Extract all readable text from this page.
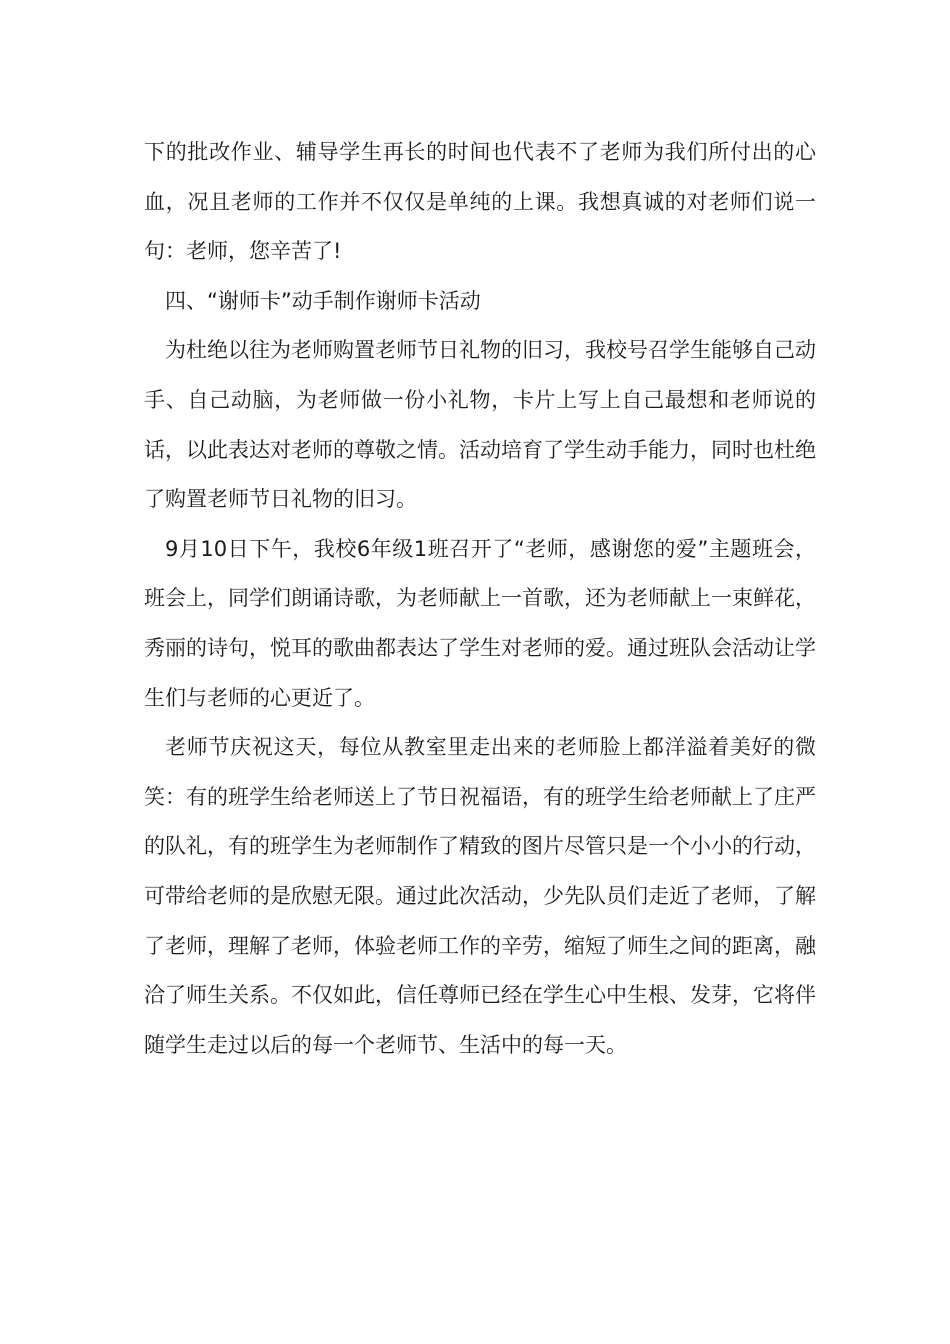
下的批改作业、辅导学生再长的时间也代表不了老师为我们所付出的心血，况且老师的工作并不仅仅是单纯的上课。我想真诚的对老师们说一句：老师，您辛苦了!

四、“谢师卡”动手制作谢师卡活动

为杜绝以往为老师购置老师节日礼物的旧习，我校号召学生能够自己动手、自己动脑，为老师做一份小礼物，卡片上写上自己最想和老师说的话，以此表达对老师的尊敬之情。活动培育了学生动手能力，同时也杜绝了购置老师节日礼物的旧习。

9月10日下午，我校6年级1班召开了“老师，感谢您的爱”主题班会，班会上，同学们朗诵诗歌，为老师献上一首歌，还为老师献上一束鲜花，秀丽的诗句，悦耳的歌曲都表达了学生对老师的爱。通过班队会活动让学生们与老师的心更近了。

老师节庆祝这天，每位从教室里走出来的老师脸上都洋溢着美好的微笑：有的班学生给老师送上了节日祝福语，有的班学生给老师献上了庄严的队礼，有的班学生为老师制作了精致的图片尽管只是一个小小的行动，可带给老师的是欣慰无限。通过此次活动，少先队员们走近了老师，了解了老师，理解了老师，体验老师工作的辛劳，缩短了师生之间的距离，融洽了师生关系。不仅如此，信任尊师已经在学生心中生根、发芽，它将伴随学生走过以后的每一个老师节、生活中的每一天。
